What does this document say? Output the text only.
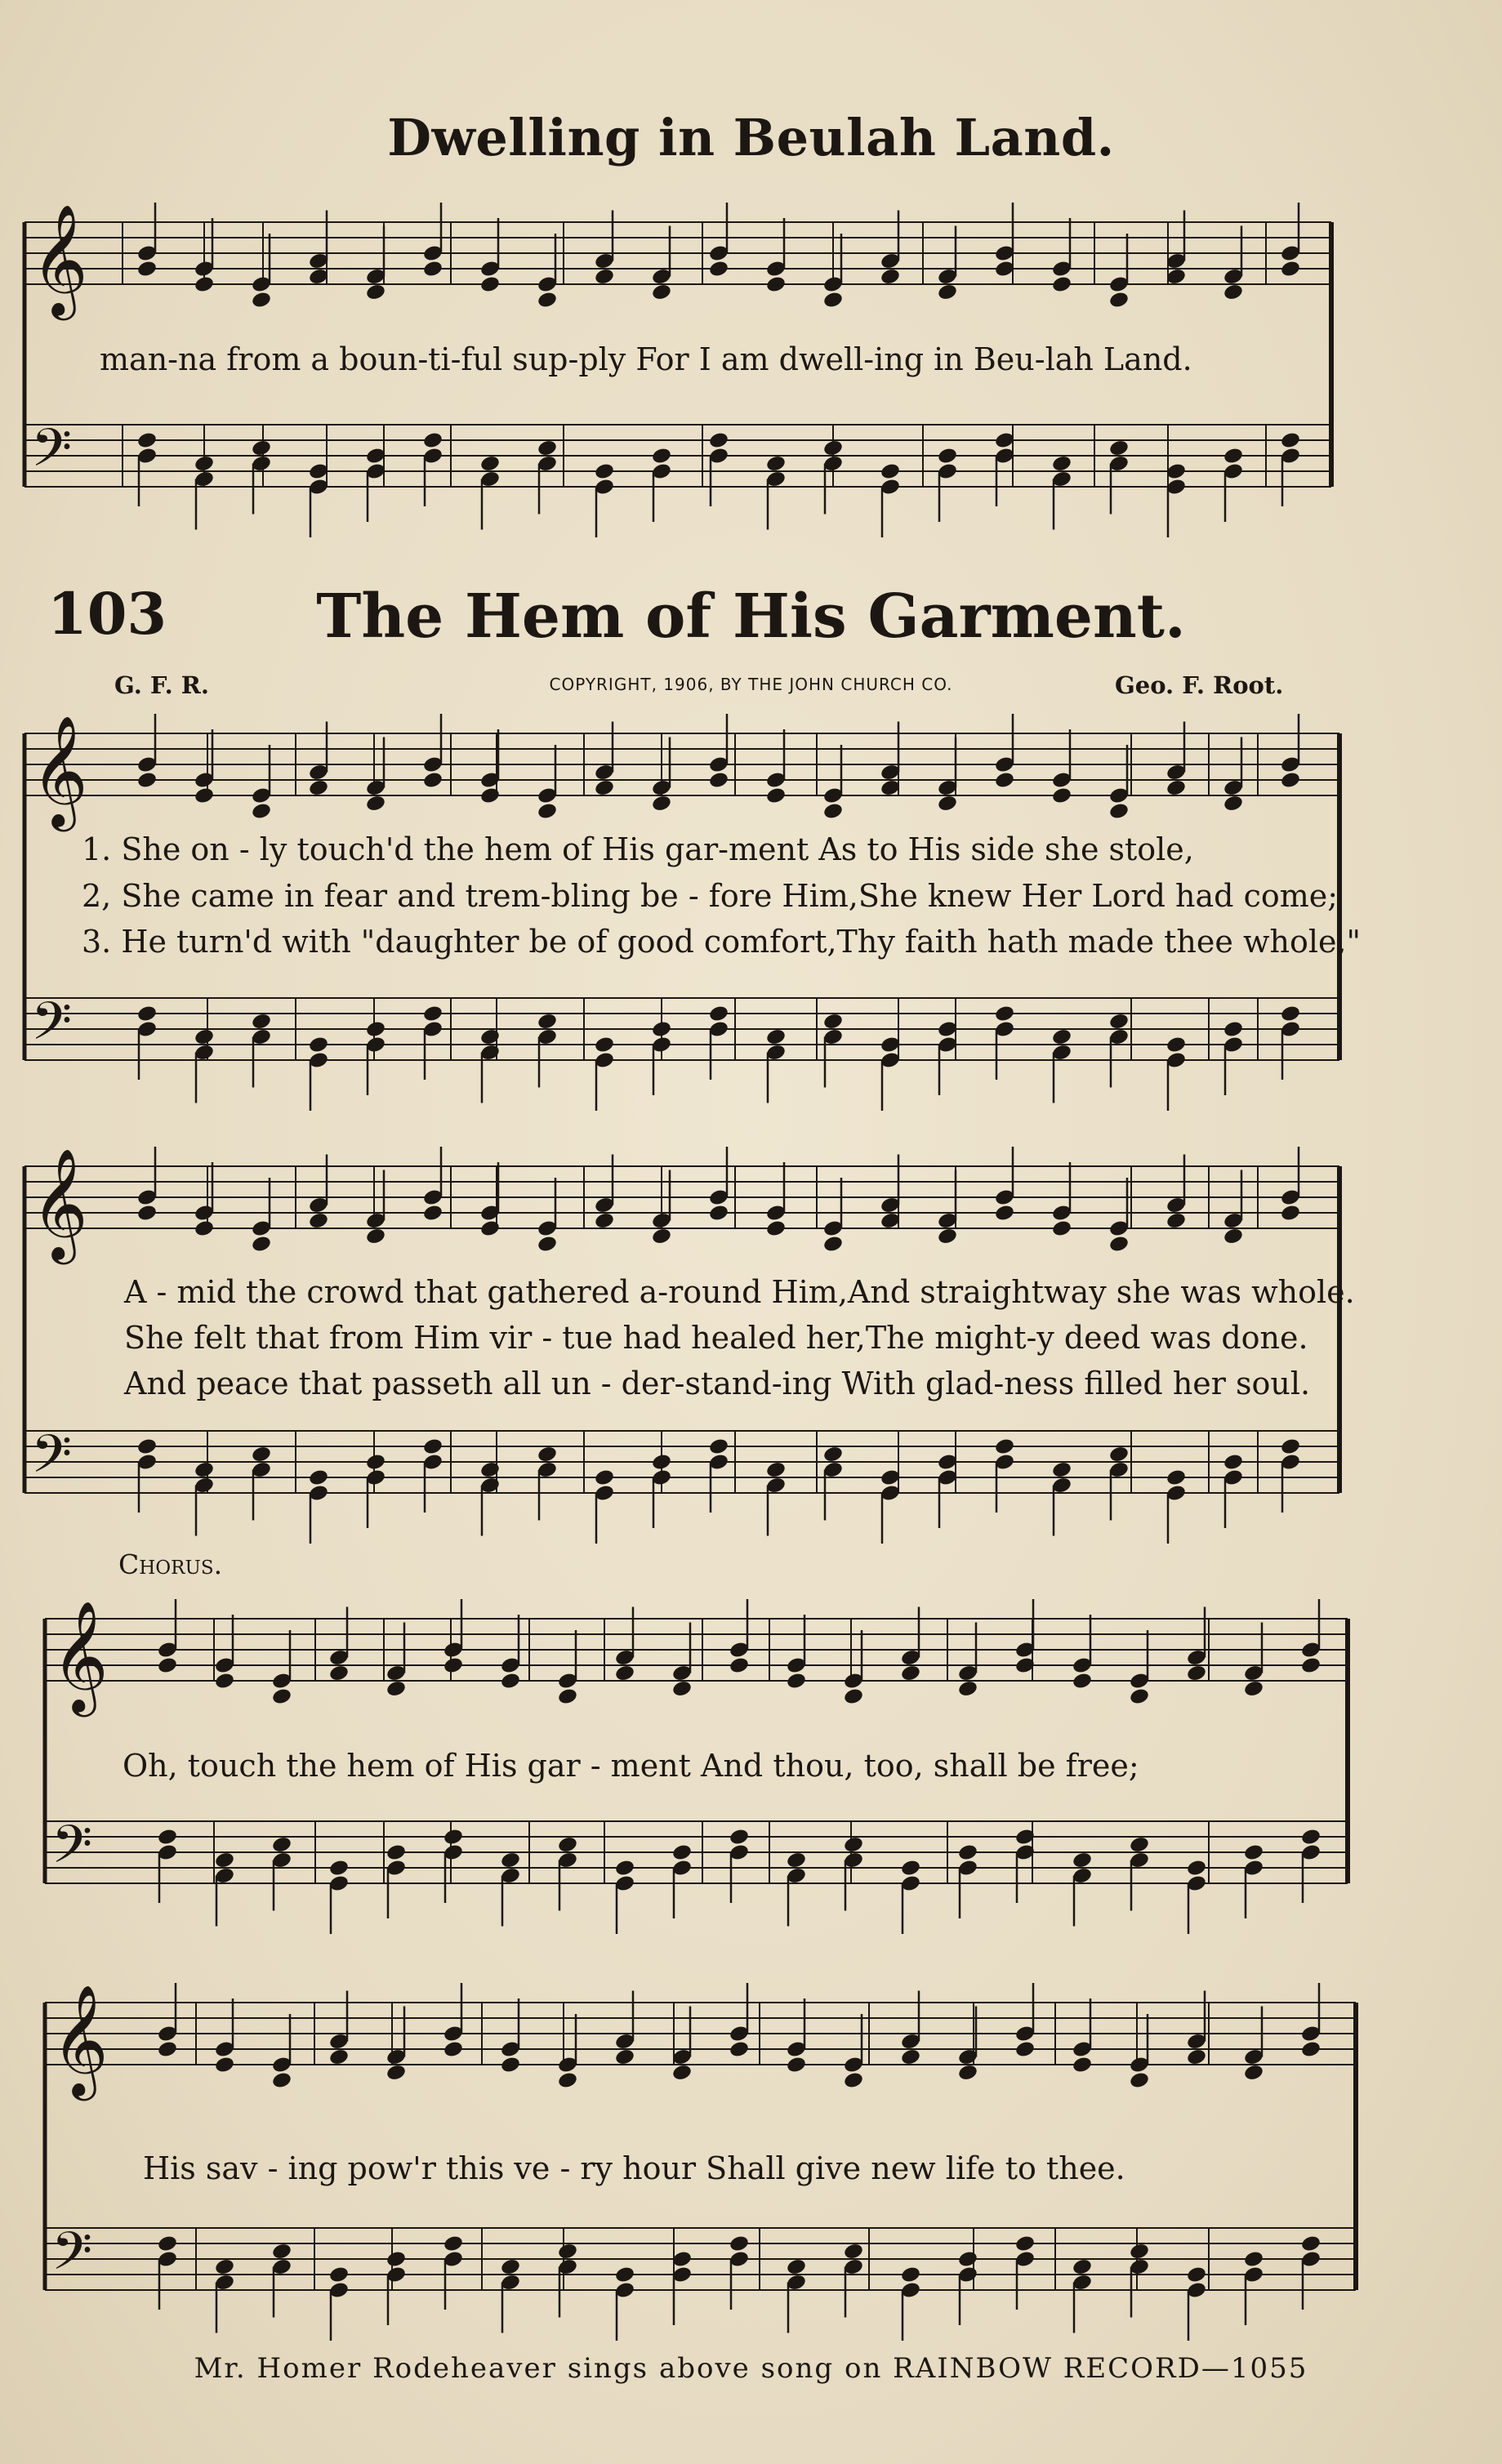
𝄞
𝄢
𝄞
𝄢
𝄞
𝄢
𝄞
𝄢
𝄞
𝄢
Dwelling in Beulah Land.
man-na from a boun-ti-ful sup-ply For I am dwell-ing in Beu-lah Land.
103	The Hem of His Garment.
G. F. R.	COPYRIGHT, 1906, BY THE JOHN CHURCH CO.	Geo. F. Root.
1. She on - ly touch'd the hem of His gar-ment As to His side she stole,
2, She came in fear and trem-bling be - fore Him,She knew Her Lord had come;
3. He turn'd with "daughter be of good comfort,Thy faith hath made thee whole,"
A - mid the crowd that gathered a-round Him,And straightway she was whole.
She felt that from Him vir - tue had healed her,The might-y deed was done.
And peace that passeth all un - der-stand-ing With glad-ness filled her soul.
Chorus.
Oh, touch the hem of His gar - ment And thou, too, shall be free;
His sav - ing pow'r this ve - ry hour Shall give new life to thee.
Mr. Homer Rodeheaver sings above song on RAINBOW RECORD—1055
